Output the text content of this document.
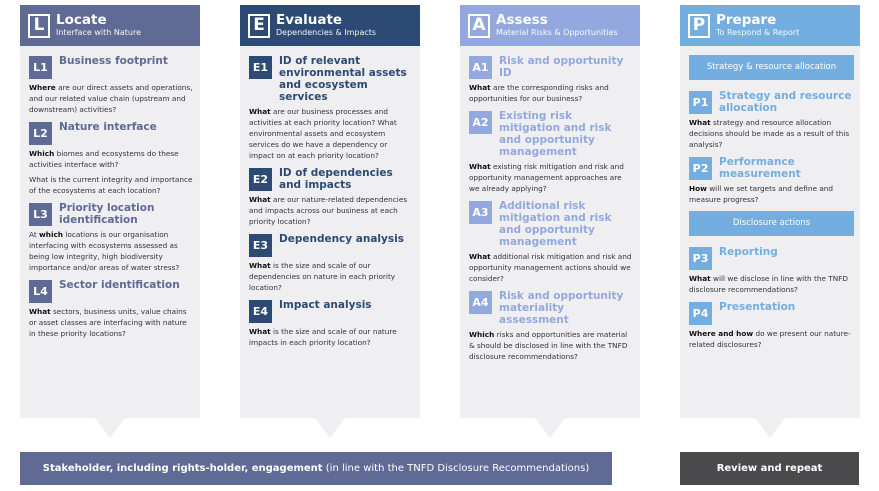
L Locate
Interface with Nature
L1	Business footprint

Where are our direct assets and operations, and our related value chain (upstream and downstream) activities?

L2	Nature interface

Which biomes and ecosystems do these activities interface with?

What is the current integrity and importance of the ecosystems at each location?

L3	Priority location identification

At which locations is our organisation interfacing with ecosystems assessed as being low integrity, high biodiversity importance and/or areas of water stress?

L4	Sector identification

What sectors, business units, value chains or asset classes are interfacing with nature in these priority locations?

E Evaluate
Dependencies & Impacts
E1	ID of relevant environmental assets and ecosystem services

What are our business processes and activities at each priority location? What environmental assets and ecosystem services do we have a dependency or impact on at each priority location?

E2	ID of dependencies and impacts

What are our nature-related dependencies and impacts across our business at each priority location?

E3	Dependency analysis

What is the size and scale of our dependencies on nature in each priority location?

E4	Impact analysis

What is the size and scale of our nature impacts in each priority location?

A Assess
Material Risks & Opportunities
A1 Risk and opportunity ID

What are the corresponding risks and opportunities for our business?

A2 Existing risk mitigation and risk and opportunity management

What existing risk mitigation and risk and opportunity management approaches are we already applying?

A3 Additional risk mitigation and risk and opportunity management

What additional risk mitigation and risk and opportunity management actions should we consider?

A4 Risk and opportunity materiality assessment

Which risks and opportunities are material & should be disclosed in line with the TNFD disclosure recommendations?

P Prepare
To Respond & Report
Strategy & resource allocation
P1	Strategy and resource allocation

What strategy and resource allocation decisions should be made as a result of this analysis?

P2	Performance measurement

How will we set targets and define and measure progress?

Disclosure actions
P3	Reporting

What will we disclose in line with the TNFD disclosure recommendations?

P4	Presentation

Where and how do we present our nature-related disclosures?

Stakeholder, including rights-holder, engagement (in line with the TNFD Disclosure Recommendations)	Review and repeat
